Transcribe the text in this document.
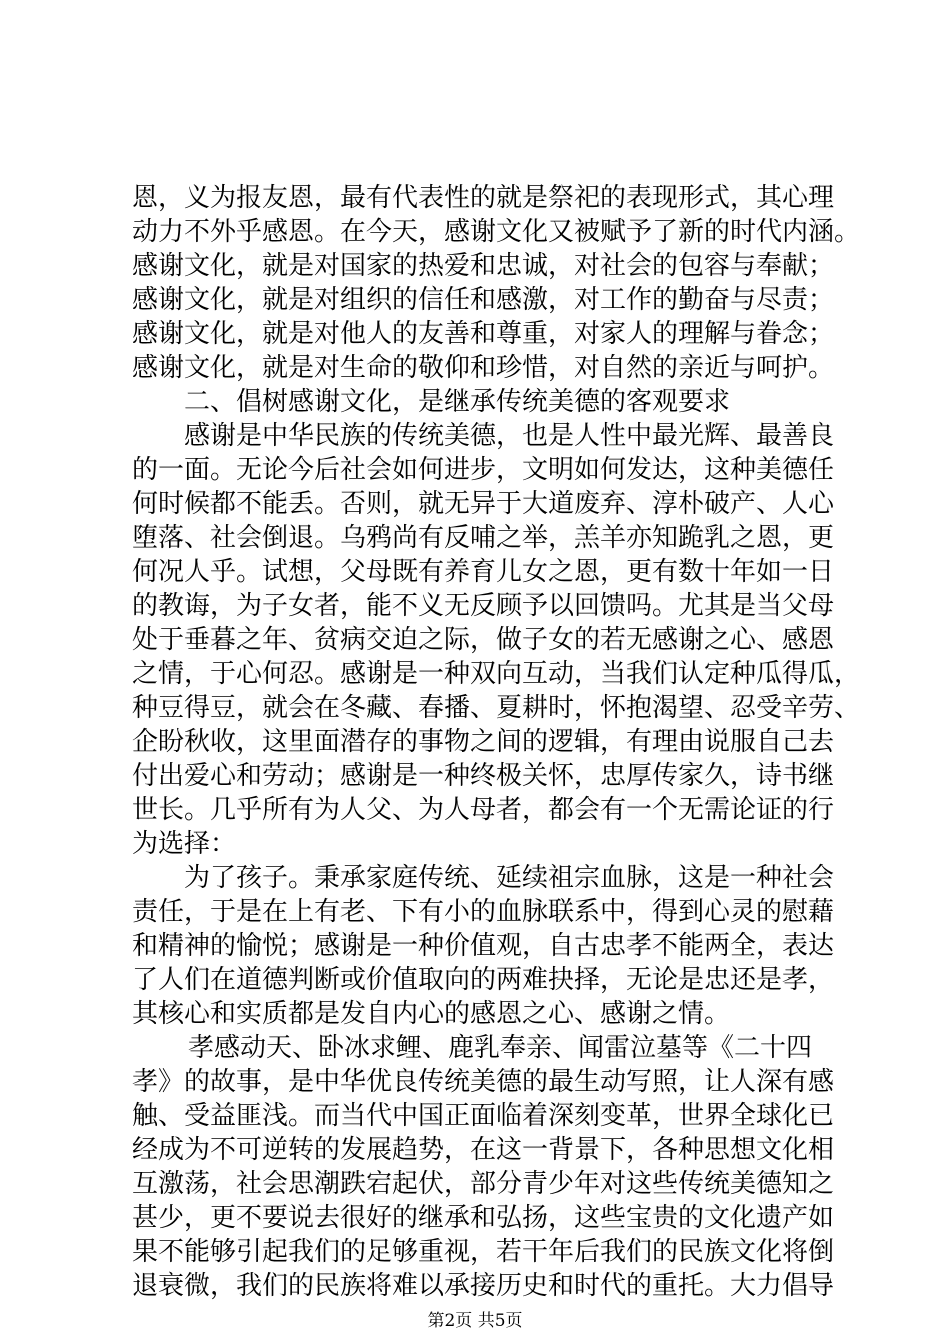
恩，义为报友恩，最有代表性的就是祭祀的表现形式，其心理
动力不外乎感恩。在今天，感谢文化又被赋予了新的时代内涵。
感谢文化，就是对国家的热爱和忠诚，对社会的包容与奉献；
感谢文化，就是对组织的信任和感激，对工作的勤奋与尽责；
感谢文化，就是对他人的友善和尊重，对家人的理解与眷念；
感谢文化，就是对生命的敬仰和珍惜，对自然的亲近与呵护。
二、倡树感谢文化，是继承传统美德的客观要求
感谢是中华民族的传统美德，也是人性中最光辉、最善良
的一面。无论今后社会如何进步，文明如何发达，这种美德任
何时候都不能丢。否则，就无异于大道废弃、淳朴破产、人心
堕落、社会倒退。乌鸦尚有反哺之举，羔羊亦知跪乳之恩，更
何况人乎。试想，父母既有养育儿女之恩，更有数十年如一日
的教诲，为子女者，能不义无反顾予以回馈吗。尤其是当父母
处于垂暮之年、贫病交迫之际，做子女的若无感谢之心、感恩
之情，于心何忍。感谢是一种双向互动，当我们认定种瓜得瓜，
种豆得豆，就会在冬藏、春播、夏耕时，怀抱渴望、忍受辛劳、
企盼秋收，这里面潜存的事物之间的逻辑，有理由说服自己去
付出爱心和劳动；感谢是一种终极关怀，忠厚传家久，诗书继
世长。几乎所有为人父、为人母者，都会有一个无需论证的行
为选择：
为了孩子。秉承家庭传统、延续祖宗血脉，这是一种社会
责任，于是在上有老、下有小的血脉联系中，得到心灵的慰藉
和精神的愉悦；感谢是一种价值观，自古忠孝不能两全，表达
了人们在道德判断或价值取向的两难抉择，无论是忠还是孝，
其核心和实质都是发自内心的感恩之心、感谢之情。
孝感动天、卧冰求鲤、鹿乳奉亲、闻雷泣墓等《二十四
孝》的故事，是中华优良传统美德的最生动写照，让人深有感
触、受益匪浅。而当代中国正面临着深刻变革，世界全球化已
经成为不可逆转的发展趋势，在这一背景下，各种思想文化相
互激荡，社会思潮跌宕起伏，部分青少年对这些传统美德知之
甚少，更不要说去很好的继承和弘扬，这些宝贵的文化遗产如
果不能够引起我们的足够重视，若干年后我们的民族文化将倒
退衰微，我们的民族将难以承接历史和时代的重托。大力倡导
第2页 共5页
